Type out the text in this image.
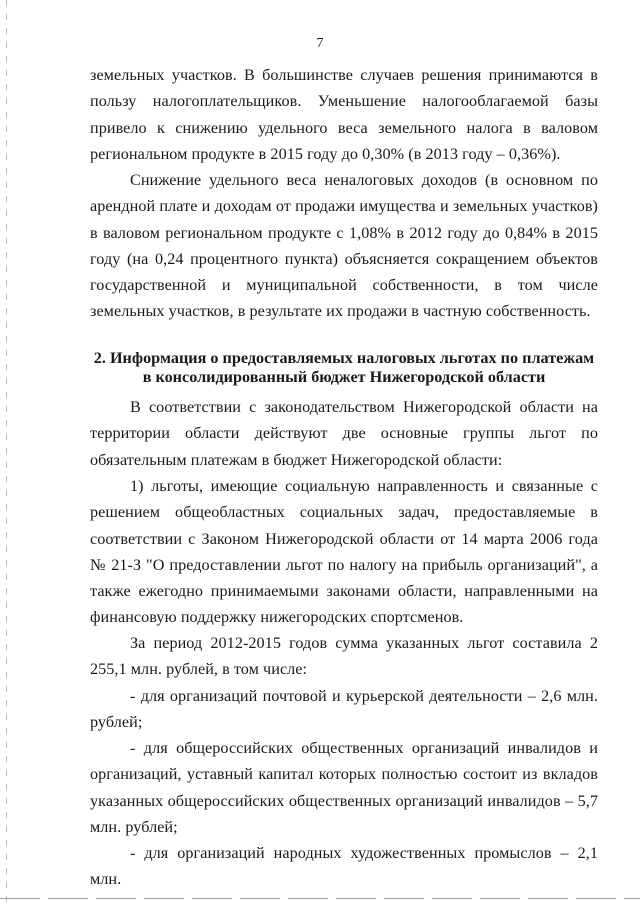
7

земельных участков. В большинстве случаев решения принимаются в пользу налогоплательщиков. Уменьшение налогооблагаемой базы привело к снижению удельного веса земельного налога в валовом региональном продукте в 2015 году до 0,30% (в 2013 году – 0,36%).

Снижение удельного веса неналоговых доходов (в основном по арендной плате и доходам от продажи имущества и земельных участков) в валовом региональном продукте с 1,08% в 2012 году до 0,84% в 2015 году (на 0,24 процентного пункта) объясняется сокращением объектов государственной и муниципальной собственности, в том числе земельных участков, в результате их продажи в частную собственность.

2. Информация о предоставляемых налоговых льготах по платежам
в консолидированный бюджет Нижегородской области

В соответствии с законодательством Нижегородской области на территории области действуют две основные группы льгот по обязательным платежам в бюджет Нижегородской области:

1) льготы, имеющие социальную направленность и связанные с решением общеобластных социальных задач, предоставляемые в соответствии с Законом Нижегородской области от 14 марта 2006 года № 21-З "О предоставлении льгот по налогу на прибыль организаций", а также ежегодно принимаемыми законами области, направленными на финансовую поддержку нижегородских спортсменов.

За период 2012-2015 годов сумма указанных льгот составила 2 255,1 млн. рублей, в том числе:

- для организаций почтовой и курьерской деятельности – 2,6 млн. рублей;

- для общероссийских общественных организаций инвалидов и организаций, уставный капитал которых полностью состоит из вкладов указанных общероссийских общественных организаций инвалидов – 5,7 млн. рублей;

- для организаций народных художественных промыслов – 2,1 млн.
